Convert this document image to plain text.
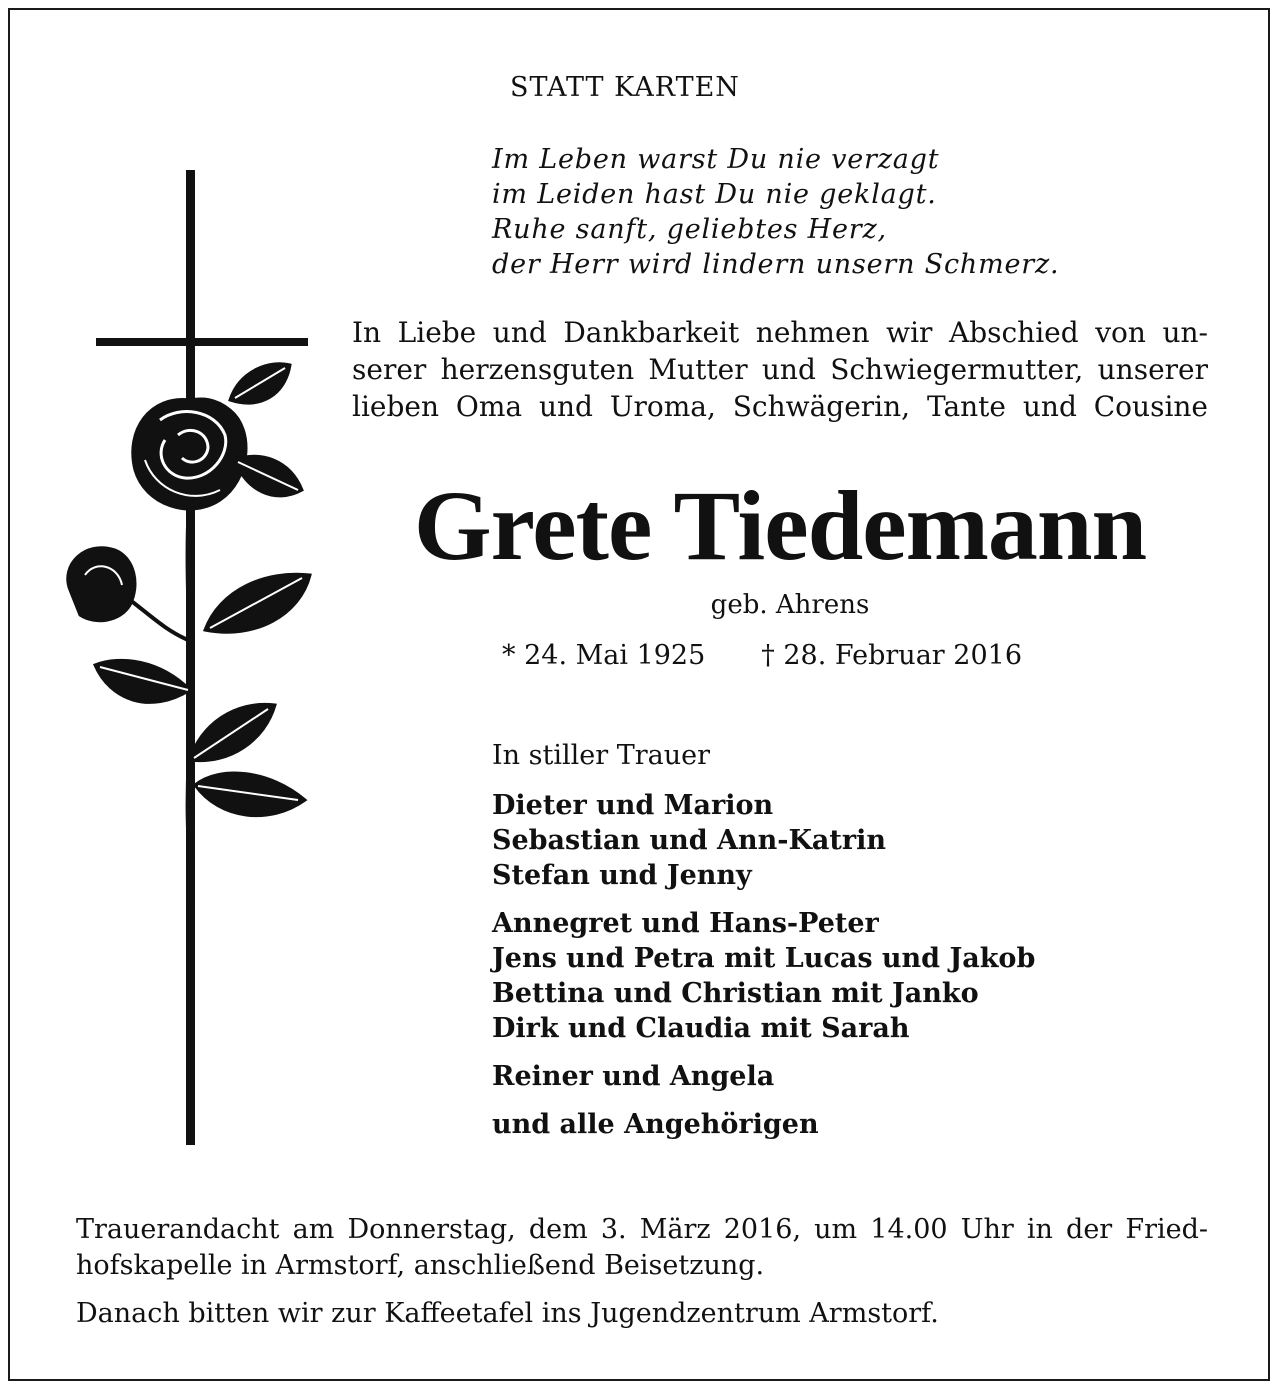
STATT KARTEN
Im Leben warst Du nie verzagt
im Leiden hast Du nie geklagt.
Ruhe sanft, geliebtes Herz,
der Herr wird lindern unsern Schmerz.
In Liebe und Dankbarkeit nehmen wir Abschied von un-
serer herzensguten Mutter und Schwiegermutter, unserer
lieben Oma und Uroma, Schwägerin, Tante und Cousine
Grete Tiedemann
geb. Ahrens
* 24. Mai 1925 † 28. Februar 2016
In stiller Trauer
Dieter und Marion
Sebastian und Ann-Katrin
Stefan und Jenny
Annegret und Hans-Peter
Jens und Petra mit Lucas und Jakob
Bettina und Christian mit Janko
Dirk und Claudia mit Sarah
Reiner und Angela
und alle Angehörigen
Trauerandacht am Donnerstag, dem 3. März 2016, um 14.00 Uhr in der Fried-
hofskapelle in Armstorf, anschließend Beisetzung.
Danach bitten wir zur Kaffeetafel ins Jugendzentrum Armstorf.
